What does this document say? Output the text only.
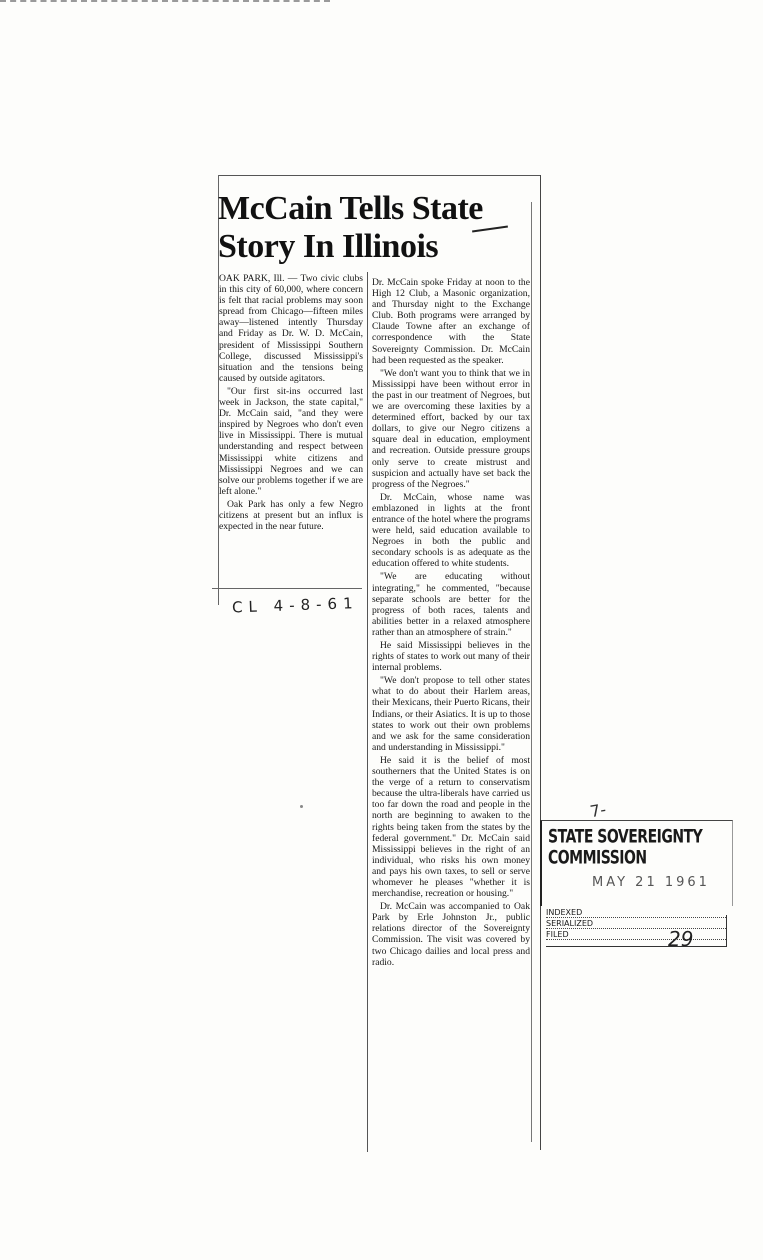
McCain Tells State
Story In Illinois

OAK PARK, Ill. — Two civic clubs in this city of 60,000, where concern is felt that racial problems may soon spread from Chicago—fifteen miles away—listened intently Thursday and Friday as Dr. W. D. McCain, president of Mississippi Southern College, discussed Mississippi's situation and the tensions being caused by outside agitators.

"Our first sit-ins occurred last week in Jackson, the state capital," Dr. McCain said, "and they were inspired by Negroes who don't even live in Mississippi. There is mutual understanding and respect between Mississippi white citizens and Mississippi Negroes and we can solve our problems together if we are left alone."

Oak Park has only a few Negro citizens at present but an influx is expected in the near future.

CL 4-8-61

Dr. McCain spoke Friday at noon to the High 12 Club, a Masonic organization, and Thursday night to the Exchange Club. Both programs were arranged by Claude Towne after an exchange of correspondence with the State Sovereignty Commission. Dr. McCain had been requested as the speaker.

"We don't want you to think that we in Mississippi have been without error in the past in our treatment of Negroes, but we are overcoming these laxities by a determined effort, backed by our tax dollars, to give our Negro citizens a square deal in education, employment and recreation. Outside pressure groups only serve to create mistrust and suspicion and actually have set back the progress of the Negroes."

Dr. McCain, whose name was emblazoned in lights at the front entrance of the hotel where the programs were held, said education available to Negroes in both the public and secondary schools is as adequate as the education offered to white students.

"We are educating without integrating," he commented, "because separate schools are better for the progress of both races, talents and abilities better in a relaxed atmosphere rather than an atmosphere of strain."

He said Mississippi believes in the rights of states to work out many of their internal problems.

"We don't propose to tell other states what to do about their Harlem areas, their Mexicans, their Puerto Ricans, their Indians, or their Asiatics. It is up to those states to work out their own problems and we ask for the same consideration and understanding in Mississippi."

He said it is the belief of most southerners that the United States is on the verge of a return to conservatism because the ultra-liberals have carried us too far down the road and people in the north are beginning to awaken to the rights being taken from the states by the federal government." Dr. McCain said Mississippi believes in the right of an individual, who risks his own money and pays his own taxes, to sell or serve whomever he pleases "whether it is merchandise, recreation or housing."

Dr. McCain was accompanied to Oak Park by Erle Johnston Jr., public relations director of the Sovereignty Commission. The visit was covered by two Chicago dailies and local press and radio.

7-
STATE SOVEREIGNTY COMMISSION
MAY 21 1961
INDEXED
SERIALIZED
FILED	29
